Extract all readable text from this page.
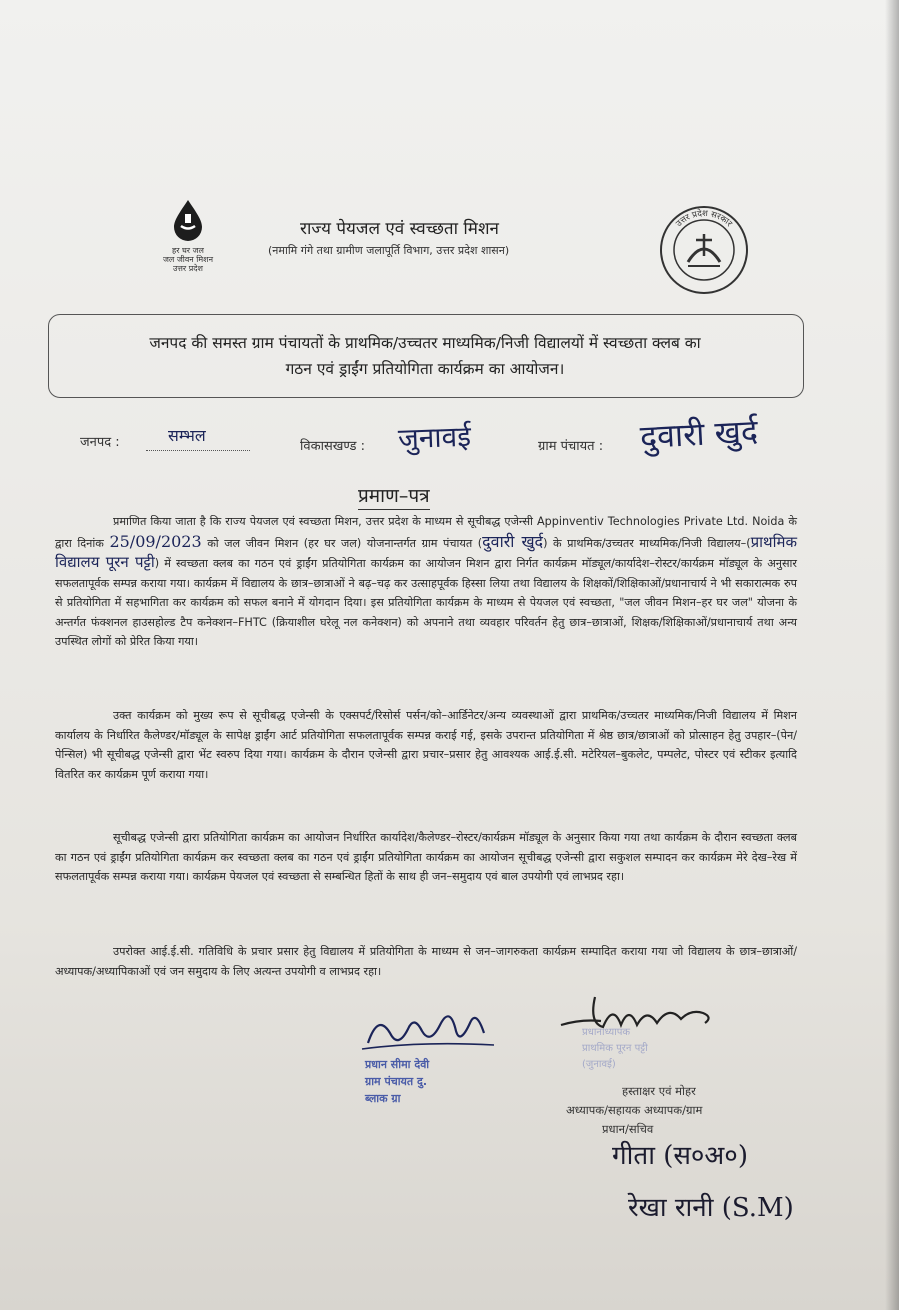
हर घर जल
जल जीवन मिशन
उत्तर प्रदेश
राज्य पेयजल एवं स्वच्छता मिशन
(नमामि गंगे तथा ग्रामीण जलापूर्ति विभाग, उत्तर प्रदेश शासन)
उत्तर प्रदेश सरकार
जनपद की समस्त ग्राम पंचायतों के प्राथमिक/उच्चतर माध्यमिक/निजी विद्यालयों में स्वच्छता क्लब का
गठन एवं ड्राईंग प्रतियोगिता कार्यक्रम का आयोजन।
जनपद :	सम्भल
विकासखण्ड : जुनावई	ग्राम पंचायत : दुवारी खुर्द
प्रमाण–पत्र

प्रमाणित किया जाता है कि राज्य पेयजल एवं स्वच्छता मिशन, उत्तर प्रदेश के माध्यम से सूचीबद्ध एजेन्सी Appinventiv Technologies Private Ltd. Noida के द्वारा दिनांक 25/09/2023 को जल जीवन मिशन (हर घर जल) योजनान्तर्गत ग्राम पंचायत (दुवारी खुर्द) के प्राथमिक/उच्चतर माध्यमिक/निजी विद्यालय–(प्राथमिक विद्यालय पूरन पट्टी) में स्वच्छता क्लब का गठन एवं ड्राईंग प्रतियोगिता कार्यक्रम का आयोजन मिशन द्वारा निर्गत कार्यक्रम मॉड्यूल/कार्यादेश–रोस्टर/कार्यक्रम मॉड्यूल के अनुसार सफलतापूर्वक सम्पन्न कराया गया। कार्यक्रम में विद्यालय के छात्र–छात्राओं ने बढ़–चढ़ कर उत्साहपूर्वक हिस्सा लिया तथा विद्यालय के शिक्षकों/शिक्षिकाओं/प्रधानाचार्य ने भी सकारात्मक रुप से प्रतियोगिता में सहभागिता कर कार्यक्रम को सफल बनाने में योगदान दिया। इस प्रतियोगिता कार्यक्रम के माध्यम से पेयजल एवं स्वच्छता, "जल जीवन मिशन–हर घर जल" योजना के अन्तर्गत फंक्शनल हाउसहोल्ड टैप कनेक्शन–FHTC (क्रियाशील घरेलू नल कनेक्शन) को अपनाने तथा व्यवहार परिवर्तन हेतु छात्र–छात्राओं, शिक्षक/शिक्षिकाओं/प्रधानाचार्य तथा अन्य उपस्थित लोगों को प्रेरित किया गया।

उक्त कार्यक्रम को मुख्य रूप से सूचीबद्ध एजेन्सी के एक्सपर्ट/रिसोर्स पर्सन/को–आर्डिनेटर/अन्य व्यवस्थाओं द्वारा प्राथमिक/उच्चतर माध्यमिक/निजी विद्यालय में मिशन कार्यालय के निर्धारित कैलेण्डर/मॉड्यूल के सापेक्ष ड्राईंग आर्ट प्रतियोगिता सफलतापूर्वक सम्पन्न कराई गई, इसके उपरान्त प्रतियोगिता में श्रेष्ठ छात्र/छात्राओं को प्रोत्साहन हेतु उपहार–(पेन/पेन्सिल) भी सूचीबद्ध एजेन्सी द्वारा भेंट स्वरुप दिया गया। कार्यक्रम के दौरान एजेन्सी द्वारा प्रचार–प्रसार हेतु आवश्यक आई.ई.सी. मटेरियल–बुकलेट, पम्पलेट, पोस्टर एवं स्टीकर इत्यादि वितरित कर कार्यक्रम पूर्ण कराया गया।

सूचीबद्ध एजेन्सी द्वारा प्रतियोगिता कार्यक्रम का आयोजन निर्धारित कार्यादेश/कैलेण्डर–रोस्टर/कार्यक्रम मॉड्यूल के अनुसार किया गया तथा कार्यक्रम के दौरान स्वच्छता क्लब का गठन एवं ड्राईंग प्रतियोगिता कार्यक्रम कर स्वच्छता क्लब का गठन एवं ड्राईंग प्रतियोगिता कार्यक्रम का आयोजन सूचीबद्ध एजेन्सी द्वारा सकुशल सम्पादन कर कार्यक्रम मेरे देख–रेख में सफलतापूर्वक सम्पन्न कराया गया। कार्यक्रम पेयजल एवं स्वच्छता से सम्बन्धित हितों के साथ ही जन–समुदाय एवं बाल उपयोगी एवं लाभप्रद रहा।

उपरोक्त आई.ई.सी. गतिविधि के प्रचार प्रसार हेतु विद्यालय में प्रतियोगिता के माध्यम से जन–जागरुकता कार्यक्रम सम्पादित कराया गया जो विद्यालय के छात्र–छात्राओं/अध्यापक/अध्यापिकाओं एवं जन समुदाय के लिए अत्यन्त उपयोगी व लाभप्रद रहा।

प्रधान सीमा देवी
ग्राम पंचायत दु.
ब्लाक ग्रा
प्रधानाध्यापक
प्राथमिक पूरन पट्टी
(जुनावई)
हस्ताक्षर एवं मोहर
अध्यापक/सहायक अध्यापक/ग्राम
प्रधान/सचिव
गीता (स०अ०)
रेखा रानी (S.M)
